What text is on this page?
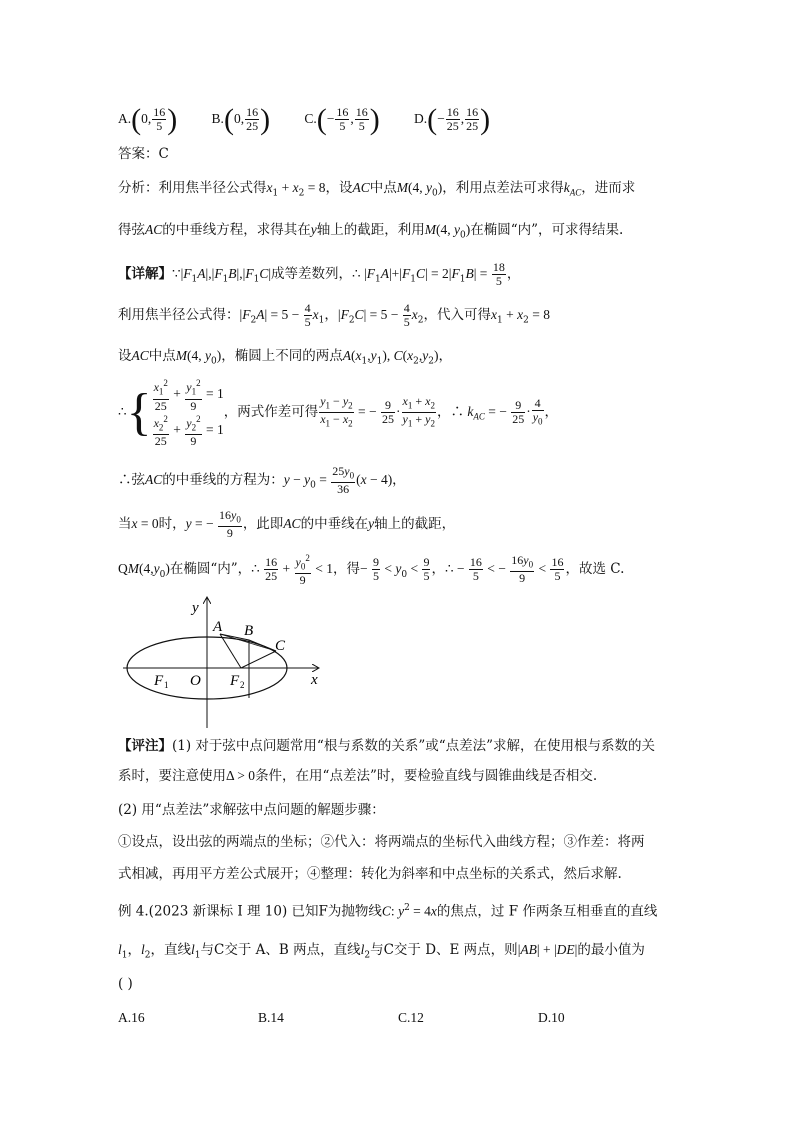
A.(0, $\frac{16}{5}$ )	B.(0, $\frac{16}{25}$ )	$C.(- \frac{16}{5}$ , $\frac{16}{5}$ )	$D.(- \frac{16}{25}$ , $\frac{16}{25}$ )
答案：C
分析：利用焦半径公式得$x_1 + x_2 = 8$，设AC中点M(4, $y_0$)，利用点差法可求得$k_{AC}$，进而求
得弦AC的中垂线方程，求得其在y轴上的截距，利用M(4, $y_0$)在椭圆“内”，可求得结果.
【详解】$\because|F_1A|,|F_1B|,|F_1C|$成等差数列，∴ $|F_1A|+|F_1C| = 2|F_1B| = \frac{18}{5}$ ，
利用焦半径公式得：$|F_2A| = 5 - \frac{4}{5} x_1$，$|F_2C| = 5 - \frac{4}{5} x_2$，代入可得$x_1 + x_2 = 8$
设AC中点M(4, $y_0$)，椭圆上不同的两点$A(x_1,y_1)$, $C(x_2,y_2)$，
∴{ $\frac{x_1^2}{25} + \frac{y_1^2}{9} = 1$
$\frac{x_2^2}{25} + \frac{y_2^2}{9} = 1$
，两式作差可得 $\frac{y_1 - y_2}{x_1 - x_2}$ = − $\frac{9}{25} \cdot \frac{x_1 + x_2}{y_1 + y_2}$ ，∴ $k_{AC}$ = − $\frac{9}{25} \cdot \frac{4}{y_0}$ ，
∴弦AC的中垂线的方程为：$y - y_0 = \frac{25y_0}{36} (x - 4)$，
当x = 0时，y = − $\frac{16y_0}{9}$ ，此即AC的中垂线在y轴上的截距，
$QM(4,y_0)$在椭圆“内”，∴ $\frac{16}{25} + \frac{y_0^2}{9} < 1$，得− $\frac{9}{5} < y_0 < \frac{9}{5}$ ，∴ − $\frac{16}{5}$ < − $\frac{16y_0}{9} < \frac{16}{5}$ ，故选 C.
y
x
A B
C
F 1 O F 2
【评注】(1) 对于弦中点问题常用“根与系数的关系”或“点差法”求解，在使用根与系数的关
系时，要注意使用Δ > 0条件，在用“点差法”时，要检验直线与圆锥曲线是否相交.
(2) 用“点差法”求解弦中点问题的解题步骤：
①设点，设出弦的两端点的坐标；②代入：将两端点的坐标代入曲线方程；③作差：将两
式相减，再用平方差公式展开；④整理：转化为斜率和中点坐标的关系式，然后求解.
例 4.(2023 新课标 I 理 10) 已知F为抛物线C: $y^2 = 4x$的焦点，过 F 作两条互相垂直的直线
$l_1$，$l_2$，直线$l_1$与C交于 A、B 两点，直线$l_2$与C交于 D、E 两点，则|AB| + |DE|的最小值为
( )
A.16	B.14	C.12	D.10
